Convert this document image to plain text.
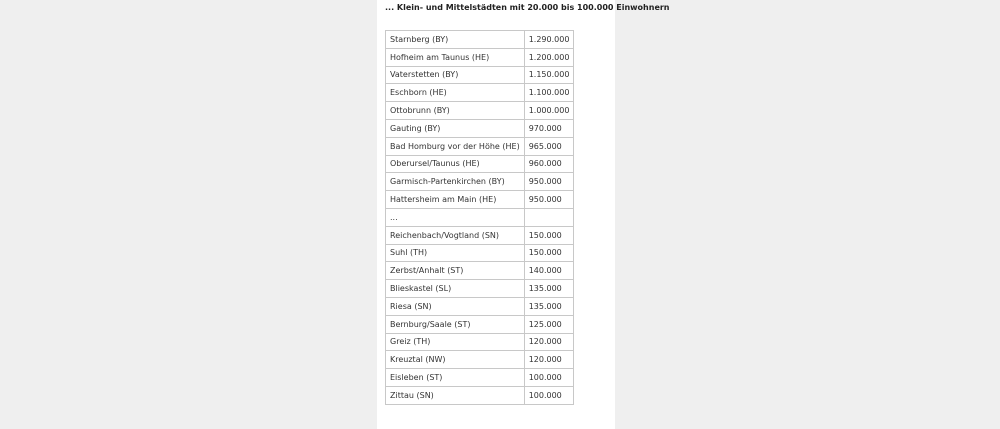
... Klein- und Mittelstädten mit 20.000 bis 100.000 Einwohnern
Starnberg (BY)	1.290.000
Hofheim am Taunus (HE)	1.200.000
Vaterstetten (BY)	1.150.000
Eschborn (HE)	1.100.000
Ottobrunn (BY)	1.000.000
Gauting (BY)	970.000
Bad Homburg vor der Höhe (HE)	965.000
Oberursel/Taunus (HE)	960.000
Garmisch-Partenkirchen (BY)	950.000
Hattersheim am Main (HE)	950.000
...	
Reichenbach/Vogtland (SN)	150.000
Suhl (TH)	150.000
Zerbst/Anhalt (ST)	140.000
Blieskastel (SL)	135.000
Riesa (SN)	135.000
Bernburg/Saale (ST)	125.000
Greiz (TH)	120.000
Kreuztal (NW)	120.000
Eisleben (ST)	100.000
Zittau (SN)	100.000
